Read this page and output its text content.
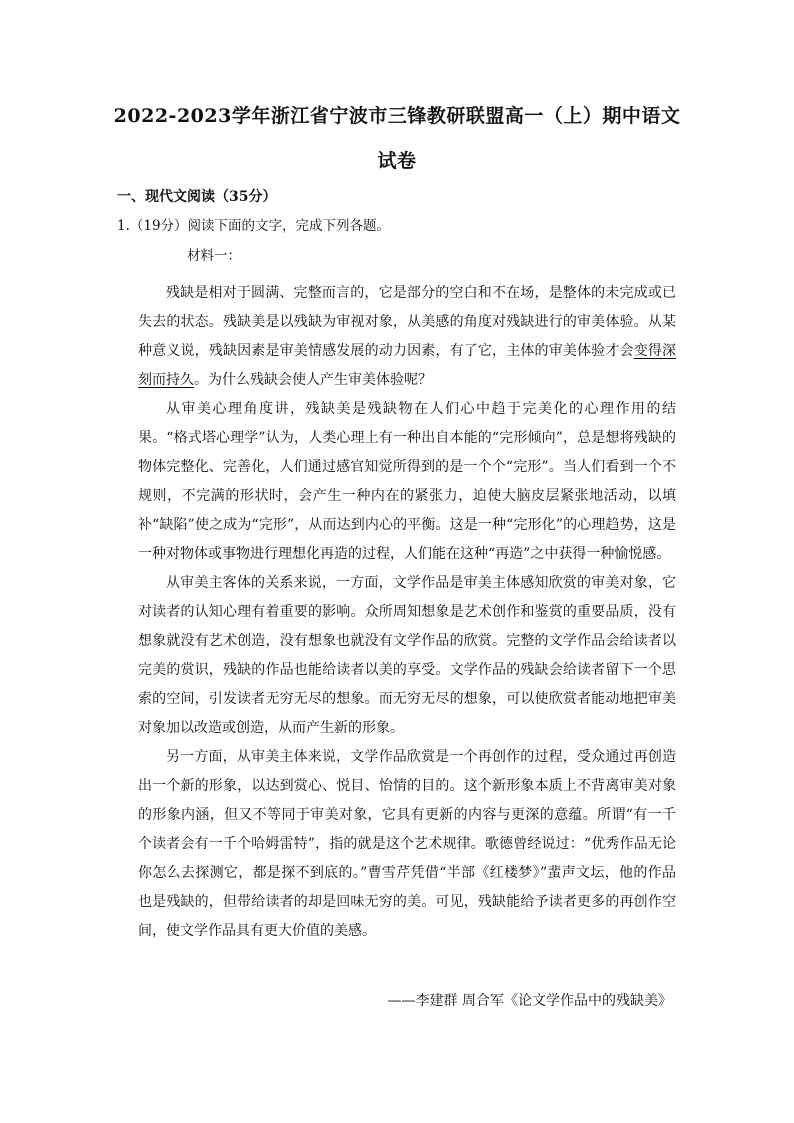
2022-2023学年浙江省宁波市三锋教研联盟高一（上）期中语文
试卷
一、现代文阅读（35分）
1.（19分）阅读下面的文字，完成下列各题。
材料一：

残缺是相对于圆满、完整而言的，它是部分的空白和不在场，是整体的未完成或已失去的状态。残缺美是以残缺为审视对象，从美感的角度对残缺进行的审美体验。从某种意义说，残缺因素是审美情感发展的动力因素，有了它，主体的审美体验才会变得深刻而持久。为什么残缺会使人产生审美体验呢？

从审美心理角度讲，残缺美是残缺物在人们心中趋于完美化的心理作用的结果。“格式塔心理学”认为，人类心理上有一种出自本能的“完形倾向”，总是想将残缺的物体完整化、完善化，人们通过感官知觉所得到的是一个个“完形”。当人们看到一个不规则，不完满的形状时，会产生一种内在的紧张力，迫使大脑皮层紧张地活动，以填补“缺陷”使之成为“完形”，从而达到内心的平衡。这是一种“完形化”的心理趋势，这是一种对物体或事物进行理想化再造的过程，人们能在这种“再造”之中获得一种愉悦感。

从审美主客体的关系来说，一方面，文学作品是审美主体感知欣赏的审美对象，它对读者的认知心理有着重要的影响。众所周知想象是艺术创作和鉴赏的重要品质，没有想象就没有艺术创造，没有想象也就没有文学作品的欣赏。完整的文学作品会给读者以完美的赏识，残缺的作品也能给读者以美的享受。文学作品的残缺会给读者留下一个思索的空间，引发读者无穷无尽的想象。而无穷无尽的想象，可以使欣赏者能动地把审美对象加以改造或创造，从而产生新的形象。

另一方面，从审美主体来说，文学作品欣赏是一个再创作的过程，受众通过再创造出一个新的形象，以达到赏心、悦目、怡情的目的。这个新形象本质上不背离审美对象的形象内涵，但又不等同于审美对象，它具有更新的内容与更深的意蕴。所谓“有一千个读者会有一千个哈姆雷特”，指的就是这个艺术规律。歌德曾经说过：“优秀作品无论你怎么去探测它，都是探不到底的。”曹雪芹凭借“半部《红楼梦》”蜚声文坛，他的作品也是残缺的，但带给读者的却是回味无穷的美。可见，残缺能给予读者更多的再创作空间，使文学作品具有更大价值的美感。

——李建群 周合军《论文学作品中的残缺美》
